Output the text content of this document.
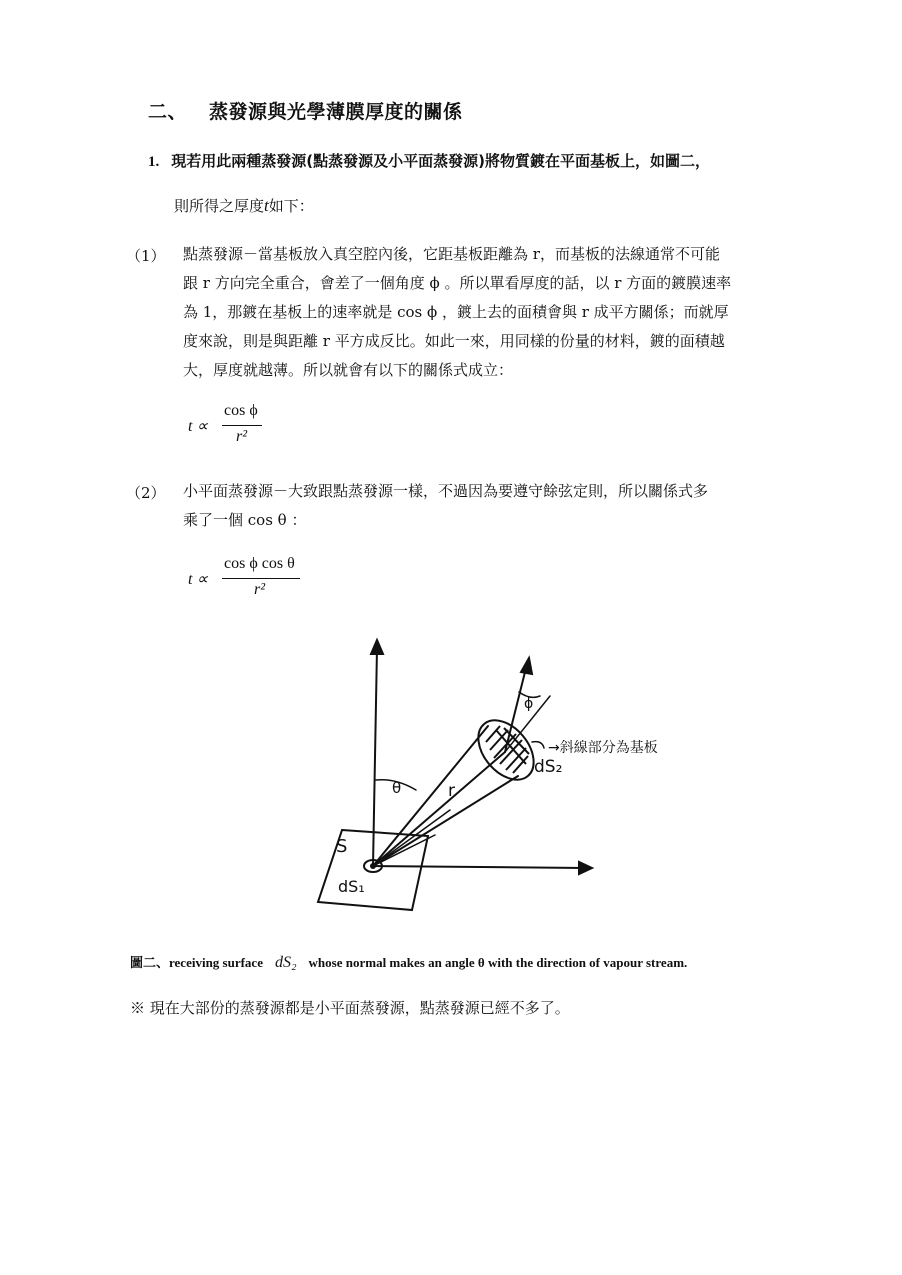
二、 蒸發源與光學薄膜厚度的關係
1. 現若用此兩種蒸發源(點蒸發源及小平面蒸發源)將物質鍍在平面基板上，如圖二，
則所得之厚度t如下：
（1） 點蒸發源－當基板放入真空腔內後，它距基板距離為 r，而基板的法線通常不可能
跟 r 方向完全重合，會差了一個角度 ϕ 。所以單看厚度的話，以 r 方面的鍍膜速率
為 1，那鍍在基板上的速率就是 cos ϕ ，鍍上去的面積會與 r 成平方關係；而就厚
度來說，則是與距離 r 平方成反比。如此一來，用同樣的份量的材料，鍍的面積越
大，厚度就越薄。所以就會有以下的關係式成立：
t ∝
cos ϕ
r²
（2） 小平面蒸發源－大致跟點蒸發源一樣，不過因為要遵守餘弦定則，所以關係式多
乘了一個 cos θ ：
t ∝
cos ϕ cos θ
r²
ϕ
θ	r
S
dS₁
dS₂
→斜線部分為基板
圖二、receiving surface dS₂ whose normal makes an angle θ with the direction of vapour stream.
※ 現在大部份的蒸發源都是小平面蒸發源，點蒸發源已經不多了。
